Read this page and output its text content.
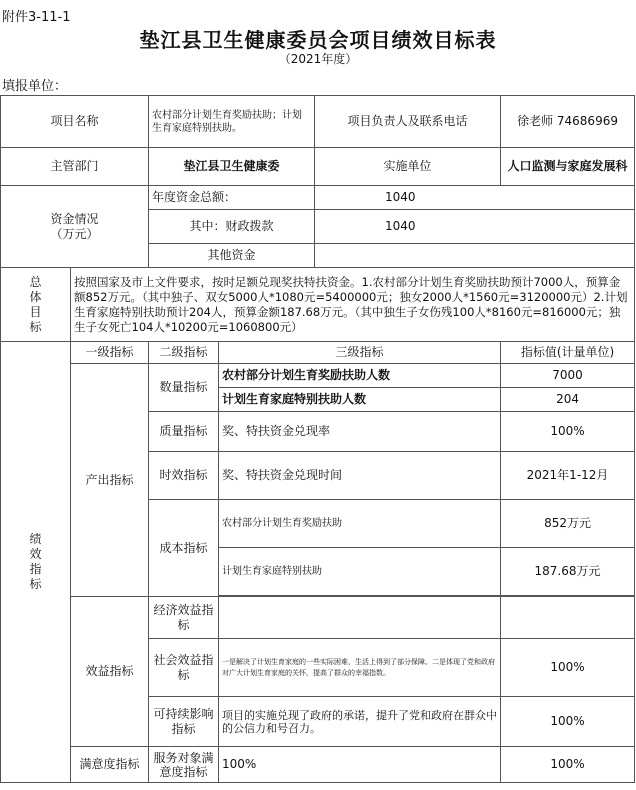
附件3-11-1
垫江县卫生健康委员会项目绩效目标表
（2021年度）
填报单位：
项目名称		农村部分计划生育奖励扶助；计划生育家庭特别扶助。		项目负责人及联系电话	徐老师 74686969
主管部门		垫江县卫生健康委		实施单位	人口监测与家庭发展科
资金情况
（万元）		年度资金总额：		1040	
		其中：财政拨款		1040	
		其他资金			
总
体
目
标	按照国家及市上文件要求，按时足额兑现奖扶特扶资金。1.农村部分计划生育奖励扶助预计7000人，预算金额852万元。（其中独子、双女5000人*1080元=5400000元；独女2000人*1560元=3120000元）2.计划生育家庭特别扶助预计204人，预算金额187.68万元。（其中独生子女伤残100人*8160元=816000元；独生子女死亡104人*10200元=1060800元）				
绩
效
指
标	一级指标	二级指标	三级指标		指标值(计量单位)
	产出指标	数量指标	农村部分计划生育奖励扶助人数		7000
			计划生育家庭特别扶助人数		204
		质量指标	奖、特扶资金兑现率		100%
		时效指标	奖、特扶资金兑现时间		2021年1-12月
		成本指标	农村部分计划生育奖励扶助		852万元
			计划生育家庭特别扶助		187.68万元

	效益指标	经济效益指标			
		社会效益指标	一是解决了计划生育家庭的一些实际困难，生活上得到了部分保障。二是体现了党和政府对广大计划生育家庭的关怀，提高了群众的幸福指数。		100%
		可持续影响指标	项目的实施兑现了政府的承诺，提升了党和政府在群众中的公信力和号召力。		100%
	满意度指标	服务对象满意度指标	100%		100%
